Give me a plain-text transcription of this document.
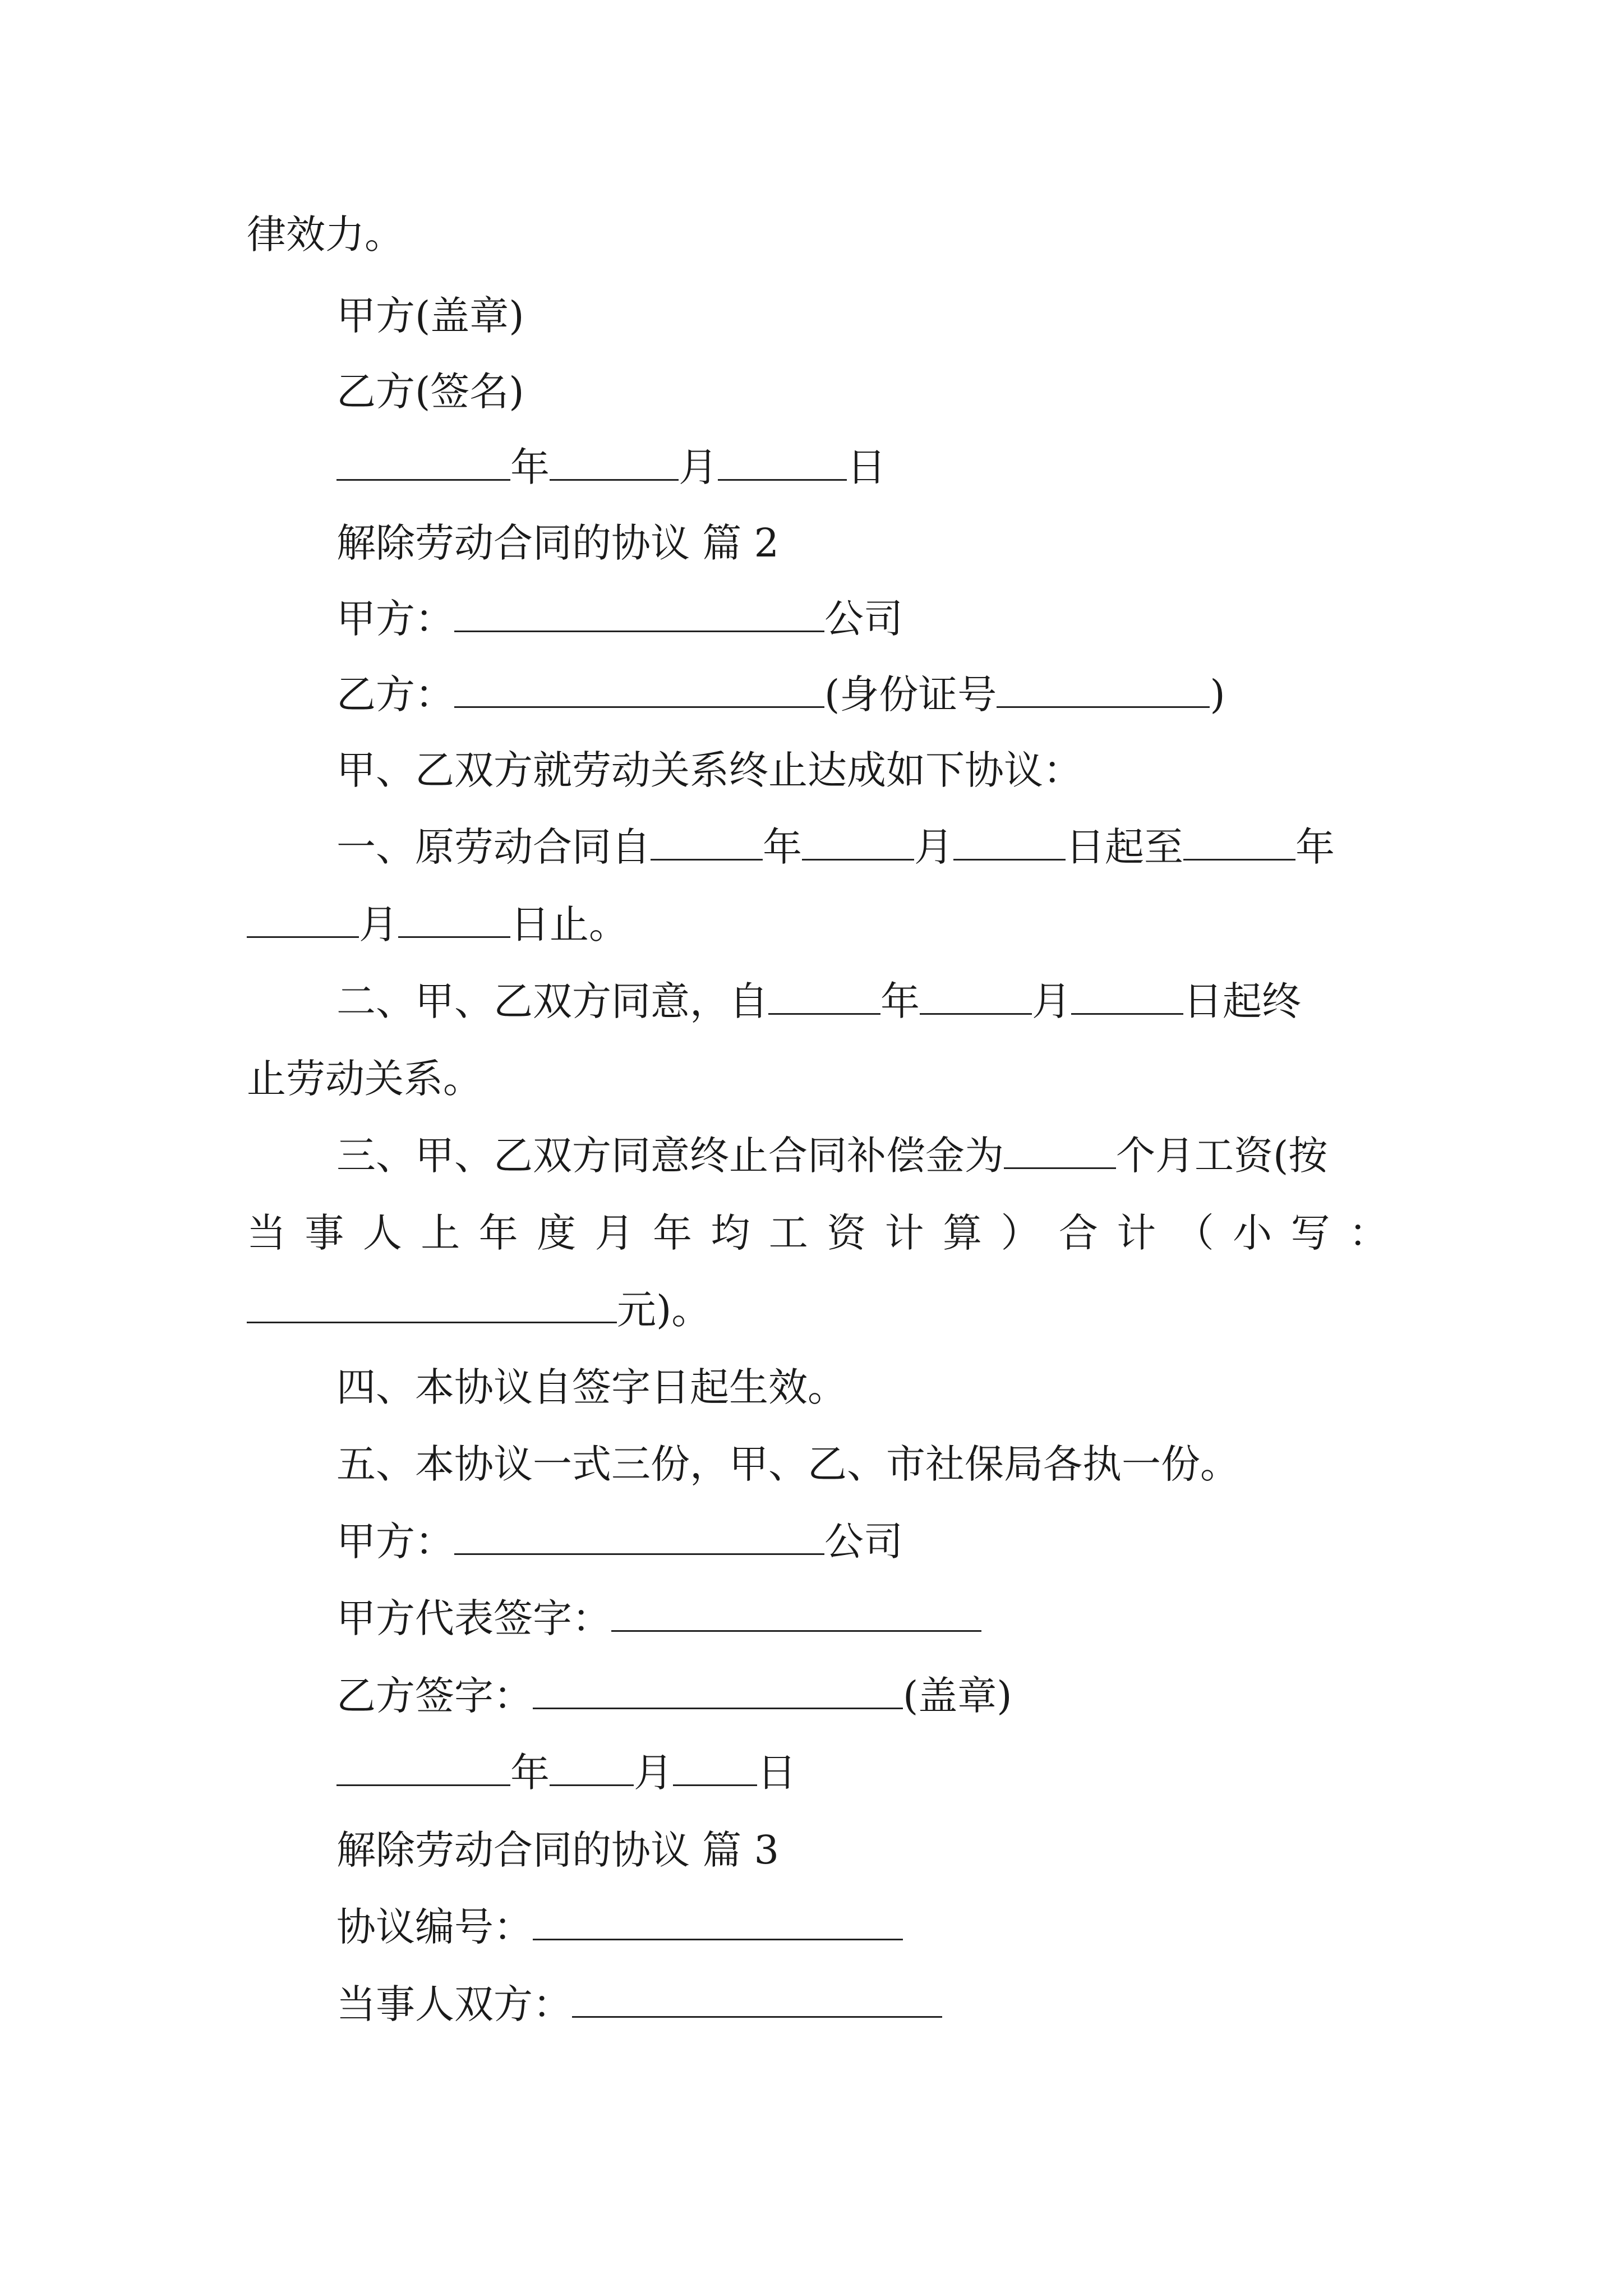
律效力。
甲方(盖章)
乙方(签名)
年	月	日
解除劳动合同的协议 篇 2
甲方：	公司
乙方：	(身份证号	)
甲、乙双方就劳动关系终止达成如下协议：
一、原劳动合同自	年	月	日起至	年
月	日止。
二、甲、乙双方同意，自	年	月	日起终
止劳动关系。
三、甲、乙双方同意终止合同补偿金为	个月工资(按
当 事 人 上 年 度 月 年 均 工 资 计 算 ） 合 计 （ 小 写 ：
元)。
四、本协议自签字日起生效。
五、本协议一式三份，甲、乙、市社保局各执一份。
甲方：	公司
甲方代表签字：
乙方签字：	(盖章)
年 月 日
解除劳动合同的协议 篇 3
协议编号：
当事人双方：
